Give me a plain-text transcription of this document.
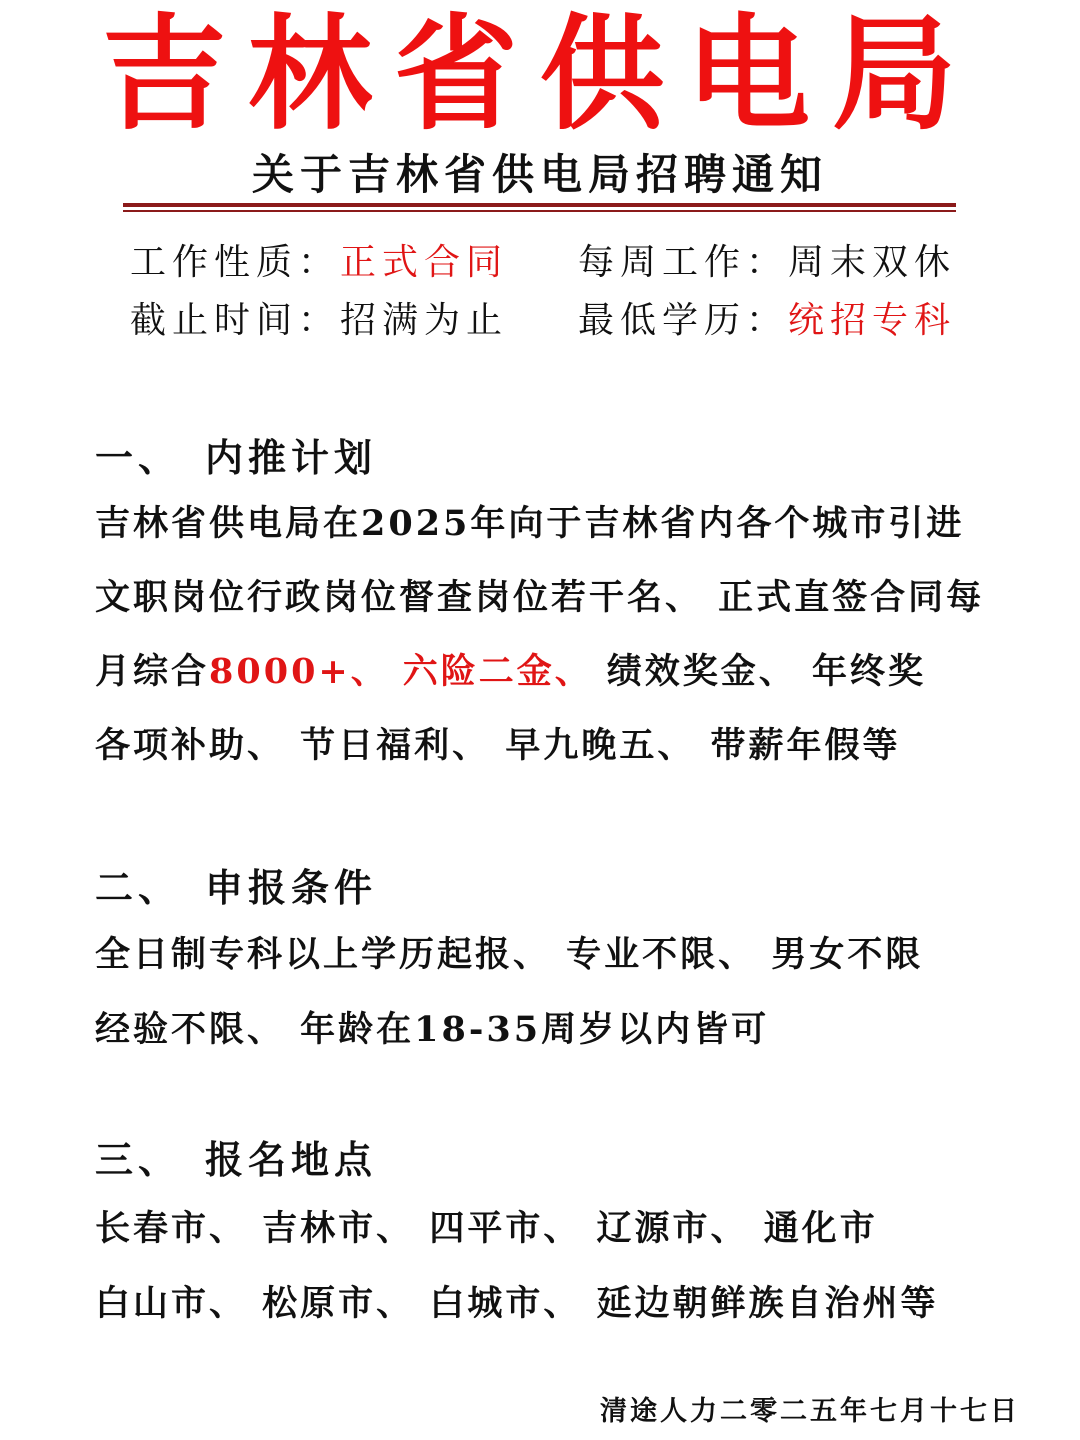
吉林省供电局
关于吉林省供电局招聘通知
工作性质：正式合同 每周工作：周末双休
截止时间：招满为止 最低学历：统招专科
一、 内推计划
吉林省供电局在2025年向于吉林省内各个城市引进
文职岗位行政岗位督查岗位若干名、 正式直签合同每
月综合8000+、 六险二金、 绩效奖金、 年终奖
各项补助、 节日福利、 早九晚五、 带薪年假等
二、 申报条件
全日制专科以上学历起报、 专业不限、 男女不限
经验不限、 年龄在18-35周岁以内皆可
三、 报名地点
长春市、 吉林市、 四平市、 辽源市、 通化市
白山市、 松原市、 白城市、 延边朝鲜族自治州等
清途人力二零二五年七月十七日
